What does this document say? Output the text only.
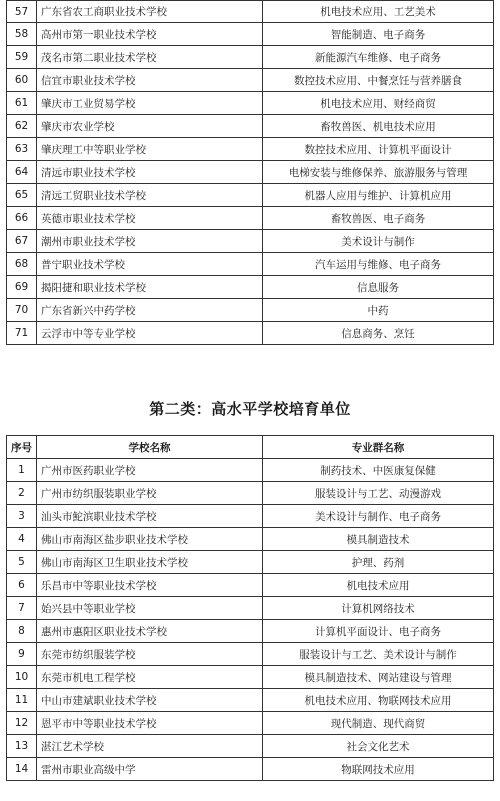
57	广东省农工商职业技术学校	机电技术应用、工艺美术
58	高州市第一职业技术学校	智能制造、电子商务
59	茂名市第二职业技术学校	新能源汽车维修、电子商务
60	信宜市职业技术学校	数控技术应用、中餐烹饪与营养膳食
61	肇庆市工业贸易学校	机电技术应用、财经商贸
62	肇庆市农业学校	畜牧兽医、机电技术应用
63	肇庆理工中等职业学校	数控技术应用、计算机平面设计
64	清远市职业技术学校	电梯安装与维修保养、旅游服务与管理
65	清远工贸职业技术学校	机器人应用与维护、计算机应用
66	英德市职业技术学校	畜牧兽医、电子商务
67	潮州市职业技术学校	美术设计与制作
68	普宁职业技术学校	汽车运用与维修、电子商务
69	揭阳捷和职业技术学校	信息服务
70	广东省新兴中药学校	中药
71	云浮市中等专业学校	信息商务、烹饪
第二类：高水平学校培育单位
序号	学校名称	专业群名称
1	广州市医药职业学校	制药技术、中医康复保健
2	广州市纺织服装职业学校	服装设计与工艺、动漫游戏
3	汕头市鮀滨职业技术学校	美术设计与制作、电子商务
4	佛山市南海区盐步职业技术学校	模具制造技术
5	佛山市南海区卫生职业技术学校	护理、药剂
6	乐昌市中等职业技术学校	机电技术应用
7	始兴县中等职业学校	计算机网络技术
8	惠州市惠阳区职业技术学校	计算机平面设计、电子商务
9	东莞市纺织服装学校	服装设计与工艺、美术设计与制作
10	东莞市机电工程学校	模具制造技术、网站建设与管理
11	中山市建斌职业技术学校	机电技术应用、物联网技术应用
12	恩平市中等职业技术学校	现代制造、现代商贸
13	湛江艺术学校	社会文化艺术
14	雷州市职业高级中学	物联网技术应用
